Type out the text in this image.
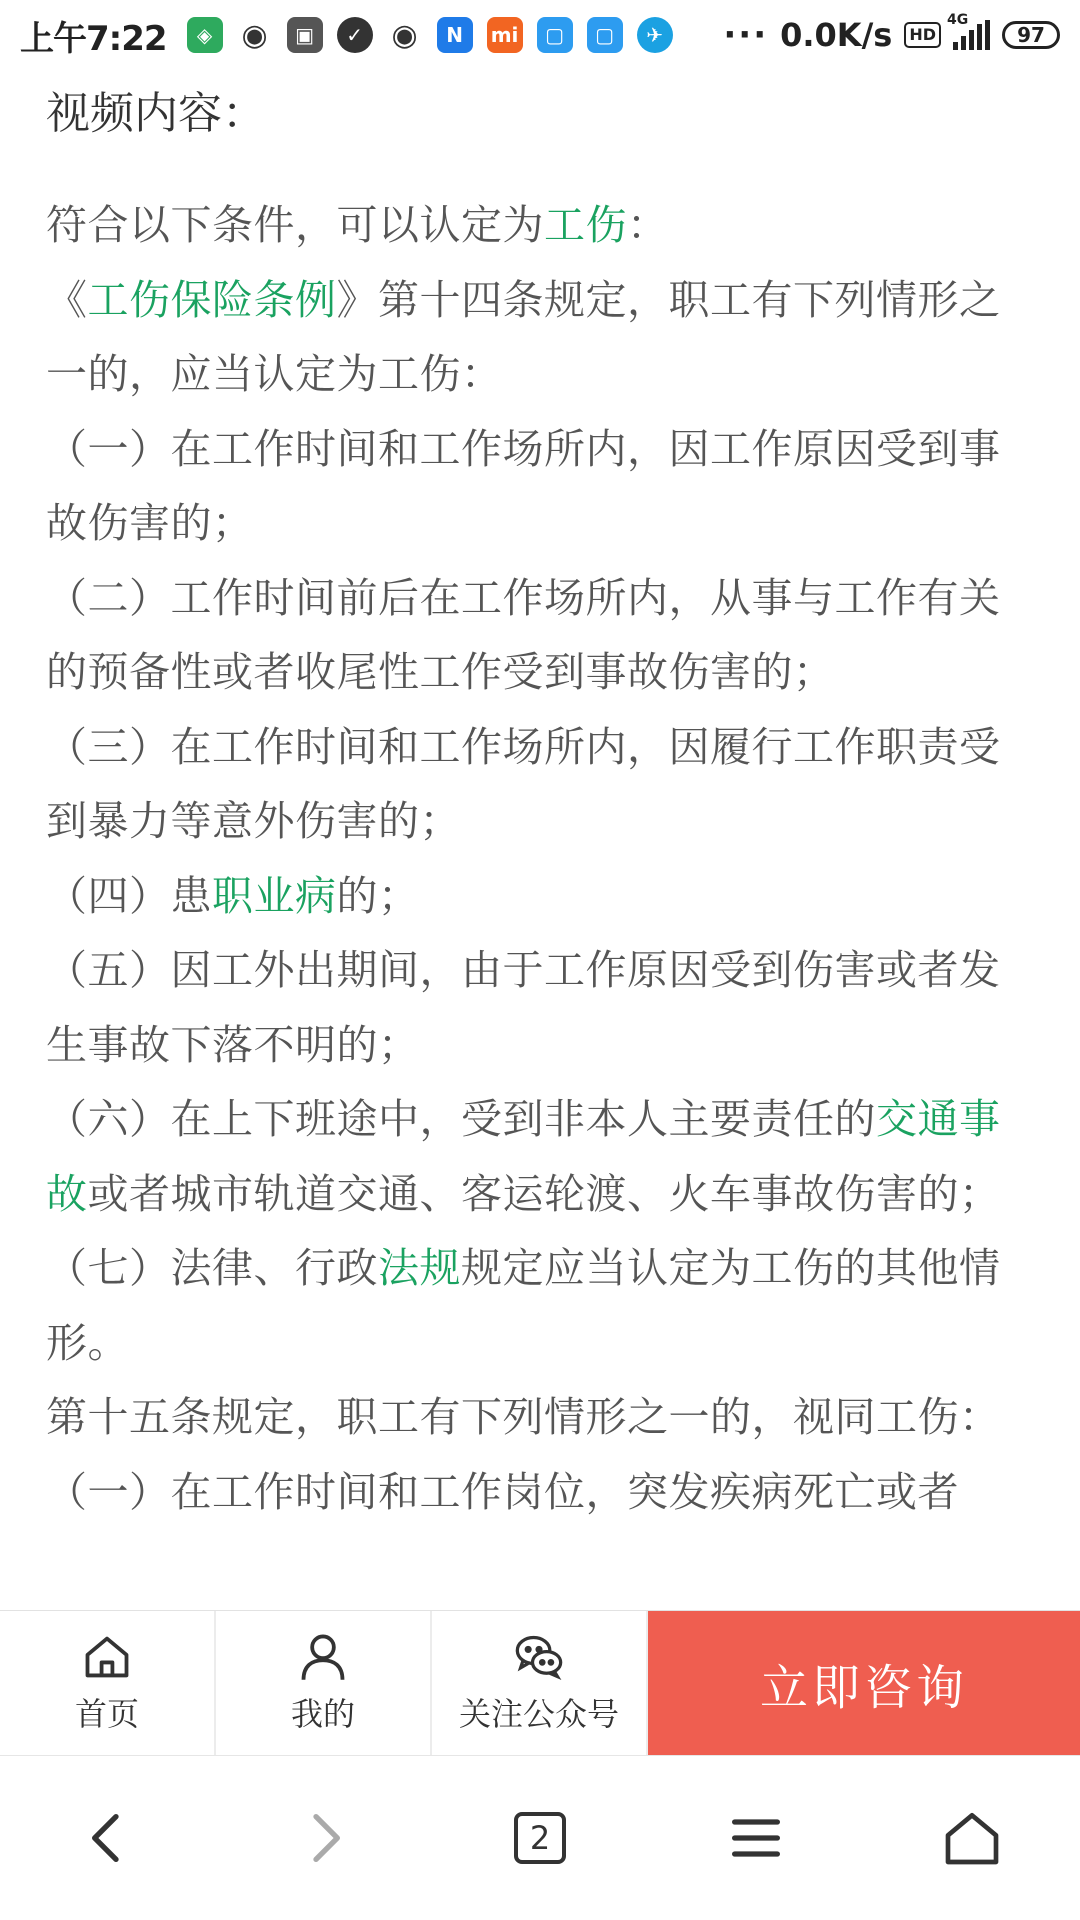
上午7:22	◈ ◉	▣	✓ ◉	N	mi	▢	▢	✈ ··· 0.0K/s	HD
4G
97
视频内容：

符合以下条件，可以认定为工伤：

《工伤保险条例》第十四条规定，职工有下列情形之一的，应当认定为工伤：

（一）在工作时间和工作场所内，因工作原因受到事故伤害的；

（二）工作时间前后在工作场所内，从事与工作有关的预备性或者收尾性工作受到事故伤害的；

（三）在工作时间和工作场所内，因履行工作职责受到暴力等意外伤害的；

（四）患职业病的；

（五）因工外出期间，由于工作原因受到伤害或者发生事故下落不明的；

（六）在上下班途中，受到非本人主要责任的交通事故或者城市轨道交通、客运轮渡、火车事故伤害的；

（七）法律、行政法规规定应当认定为工伤的其他情形。

第十五条规定，职工有下列情形之一的，视同工伤：

（一）在工作时间和工作岗位，突发疾病死亡或者

首页	我的	关注公众号	立即咨询
2
